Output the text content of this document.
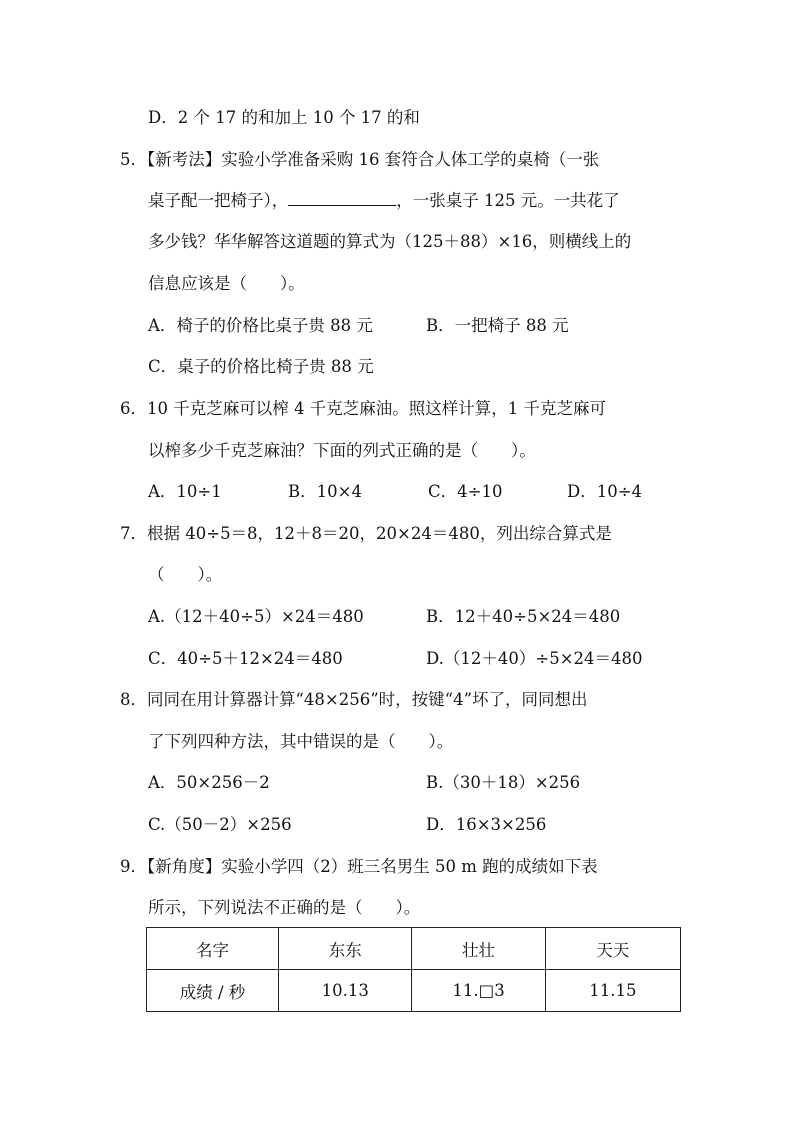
D．2 个 17 的和加上 10 个 17 的和
5．【新考法】实验小学准备采购 16 套符合人体工学的桌椅（一张
桌子配一把椅子），	，一张桌子 125 元。一共花了
多少钱？华华解答这道题的算式为（125＋88）×16，则横线上的
信息应该是（　　）。
A．椅子的价格比桌子贵 88 元	B．一把椅子 88 元
C．桌子的价格比椅子贵 88 元
6．10 千克芝麻可以榨 4 千克芝麻油。照这样计算，1 千克芝麻可
以榨多少千克芝麻油？下面的列式正确的是（　　）。
A．10÷1	B．10×4	C．4÷10	D．10÷4
7．根据 40÷5＝8，12＋8＝20，20×24＝480，列出综合算式是
（　　）。
A.（12＋40÷5）×24＝480	B．12＋40÷5×24＝480
C．40÷5＋12×24＝480	D.（12＋40）÷5×24＝480
8．同同在用计算器计算“48×256”时，按键“4”坏了，同同想出
了下列四种方法，其中错误的是（　　）。
A．50×256－2	B.（30＋18）×256
C.（50－2）×256	D．16×3×256
9．【新角度】实验小学四（2）班三名男生 50 m 跑的成绩如下表
所示，下列说法不正确的是（　　）。
名字	东东	壮壮	天天
成绩 / 秒	10.13	11.□3	11.15
